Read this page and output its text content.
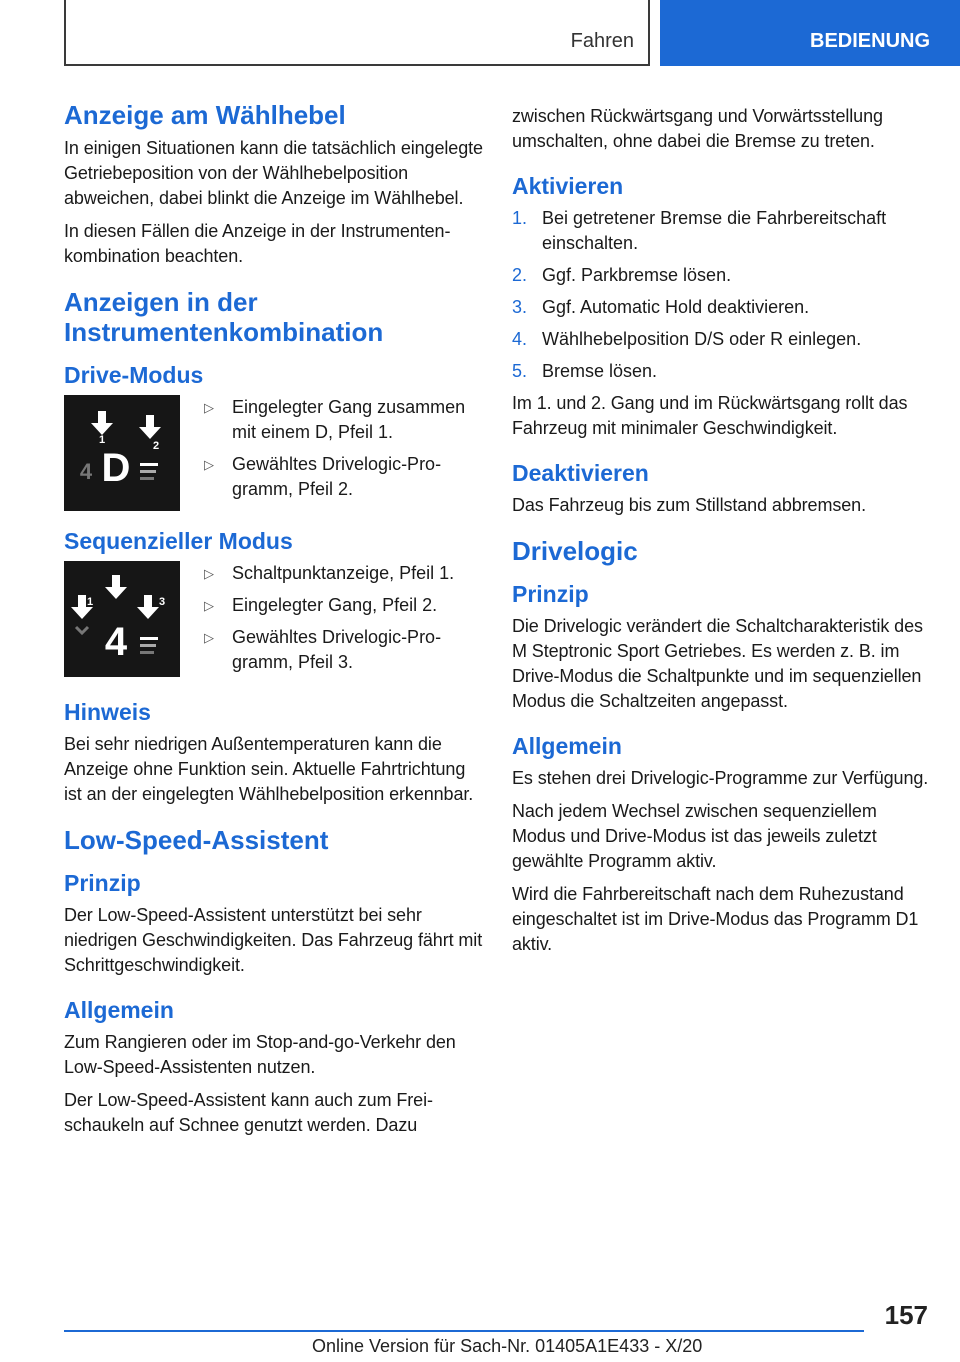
Fahren	BEDIENUNG
Anzeige am Wählhebel

In einigen Situationen kann die tatsächlich eingelegte Getriebeposition von der Wählhebelposition abweichen, dabei blinkt die Anzeige im Wählhebel.

In diesen Fällen die Anzeige in der Instrumentenkombination beachten.

Anzeigen in der Instrumentenkombination
Drive-Modus
1	2
4 D
▷ Eingelegter Gang zusammen mit einem D, Pfeil 1.
▷ Gewähltes Drivelogic-Programm, Pfeil 2.
Sequenzieller Modus
1
2
3
4
▷ Schaltpunktanzeige, Pfeil 1.
▷ Eingelegter Gang, Pfeil 2.
▷ Gewähltes Drivelogic-Programm, Pfeil 3.
Hinweis

Bei sehr niedrigen Außentemperaturen kann die Anzeige ohne Funktion sein. Aktuelle Fahrtrichtung ist an der eingelegten Wählhebelposition erkennbar.

Low-Speed-Assistent
Prinzip

Der Low-Speed-Assistent unterstützt bei sehr niedrigen Geschwindigkeiten. Das Fahrzeug fährt mit Schrittgeschwindigkeit.

Allgemein

Zum Rangieren oder im Stop-and-go-Verkehr den Low-Speed-Assistenten nutzen.

Der Low-Speed-Assistent kann auch zum Freischaukeln auf Schnee genutzt werden. Dazu

zwischen Rückwärtsgang und Vorwärtsstellung umschalten, ohne dabei die Bremse zu treten.

Aktivieren
1. Bei getretener Bremse die Fahrbereitschaft einschalten.
2. Ggf. Parkbremse lösen.
3. Ggf. Automatic Hold deaktivieren.
4. Wählhebelposition D/S oder R einlegen.
5. Bremse lösen.

Im 1. und 2. Gang und im Rückwärtsgang rollt das Fahrzeug mit minimaler Geschwindigkeit.

Deaktivieren

Das Fahrzeug bis zum Stillstand abbremsen.

Drivelogic
Prinzip

Die Drivelogic verändert die Schaltcharakteristik des M Steptronic Sport Getriebes. Es werden z. B. im Drive-Modus die Schaltpunkte und im sequenziellen Modus die Schaltzeiten angepasst.

Allgemein

Es stehen drei Drivelogic-Programme zur Verfügung.

Nach jedem Wechsel zwischen sequenziellem Modus und Drive-Modus ist das jeweils zuletzt gewählte Programm aktiv.

Wird die Fahrbereitschaft nach dem Ruhezustand eingeschaltet ist im Drive-Modus das Programm D1 aktiv.

157
Online Version für Sach-Nr. 01405A1E433 - X/20
